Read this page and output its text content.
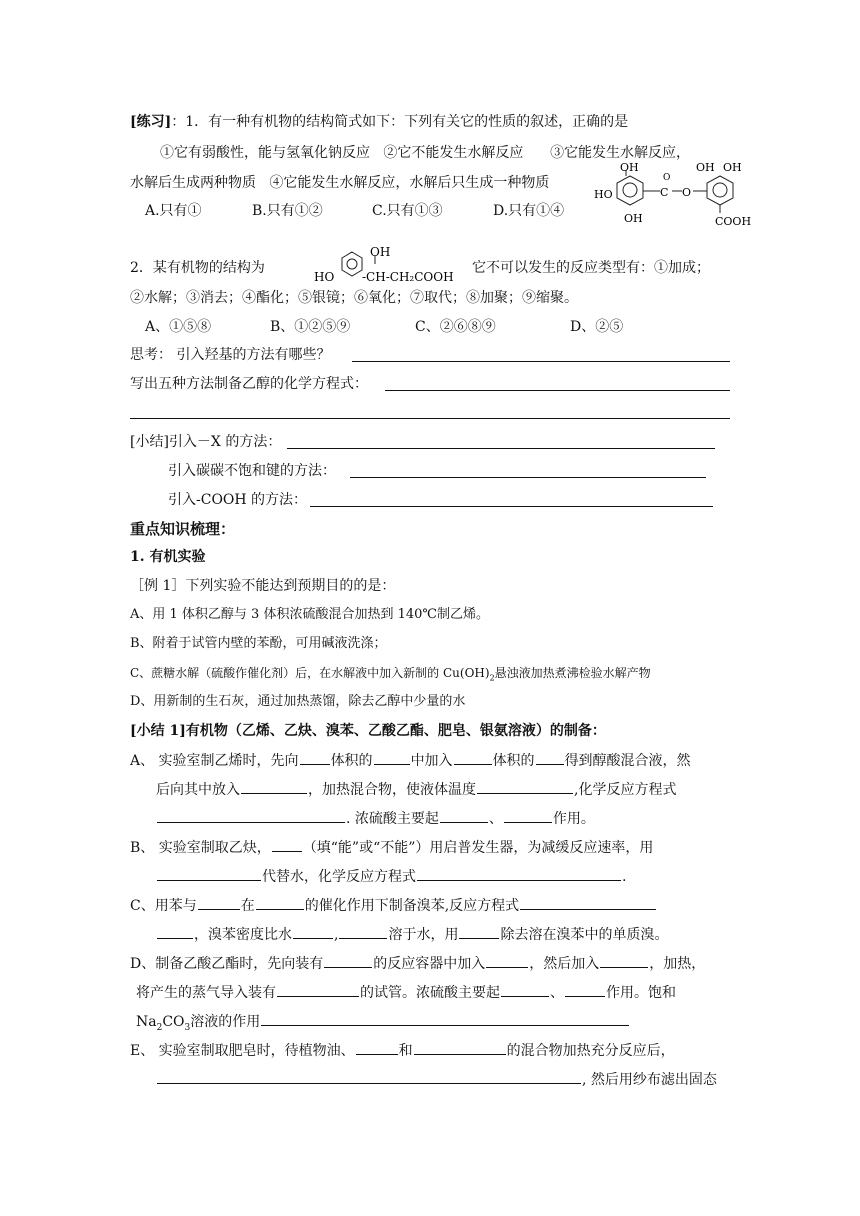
[练习]：1．有一种有机物的结构简式如下：下列有关它的性质的叙述，正确的是
①它有弱酸性，能与氢氧化钠反应 ②它不能发生水解反应 ③它能发生水解反应，
水解后生成两种物质 ④它能发生水解反应，水解后只生成一种物质
A.只有①	B.只有①②	C.只有①③	D.只有①④
OH
HO
OH
C
O
O
OH OH
COOH
2．某有机物的结构为
HO
OH
-CH-CH₂COOH
它不可以发生的反应类型有：①加成；
②水解；③消去；④酯化；⑤银镜；⑥氧化；⑦取代；⑧加聚；⑨缩聚。
A、①⑤⑧	B、①②⑤⑨	C、②⑥⑧⑨	D、②⑤
思考： 引入羟基的方法有哪些？
写出五种方法制备乙醇的化学方程式：
[小结]引入－X 的方法：
引入碳碳不饱和键的方法：
引入-COOH 的方法：
重点知识梳理：
1. 有机实验
［例 1］下列实验不能达到预期目的的是：
A、用 1 体积乙醇与 3 体积浓硫酸混合加热到 140℃制乙烯。
B、附着于试管内壁的苯酚，可用碱液洗涤；
C、蔗糖水解（硫酸作催化剂）后，在水解液中加入新制的 $Cu(OH)_2$悬浊液加热煮沸检验水解产物
D、用新制的生石灰，通过加热蒸馏，除去乙醇中少量的水
[小结 1]有机物（乙烯、乙炔、溴苯、乙酸乙酯、肥皂、银氨溶液）的制备：
A、 实验室制乙烯时，先向 体积的	中加入	体积的 得到醇酸混合液，然
后向其中放入	，加热混合物，使液体温度	,化学反应方程式
. 浓硫酸主要起	、	作用。
B、 实验室制取乙炔， （填“能”或“不能”）用启普发生器，为减缓反应速率，用
代替水，化学反应方程式	.
C、用苯与	在	的催化作用下制备溴苯,反应方程式
，溴苯密度比水	,	溶于水，用	除去溶在溴苯中的单质溴。
D、制备乙酸乙酯时，先向装有	的反应容器中加入	，然后加入	，加热，
将产生的蒸气导入装有	的试管。浓硫酸主要起	、	作用。饱和
$Na_2CO_3$溶液的作用
E、 实验室制取肥皂时，待植物油、	和	的混合物加热充分反应后，
, 然后用纱布滤出固态
